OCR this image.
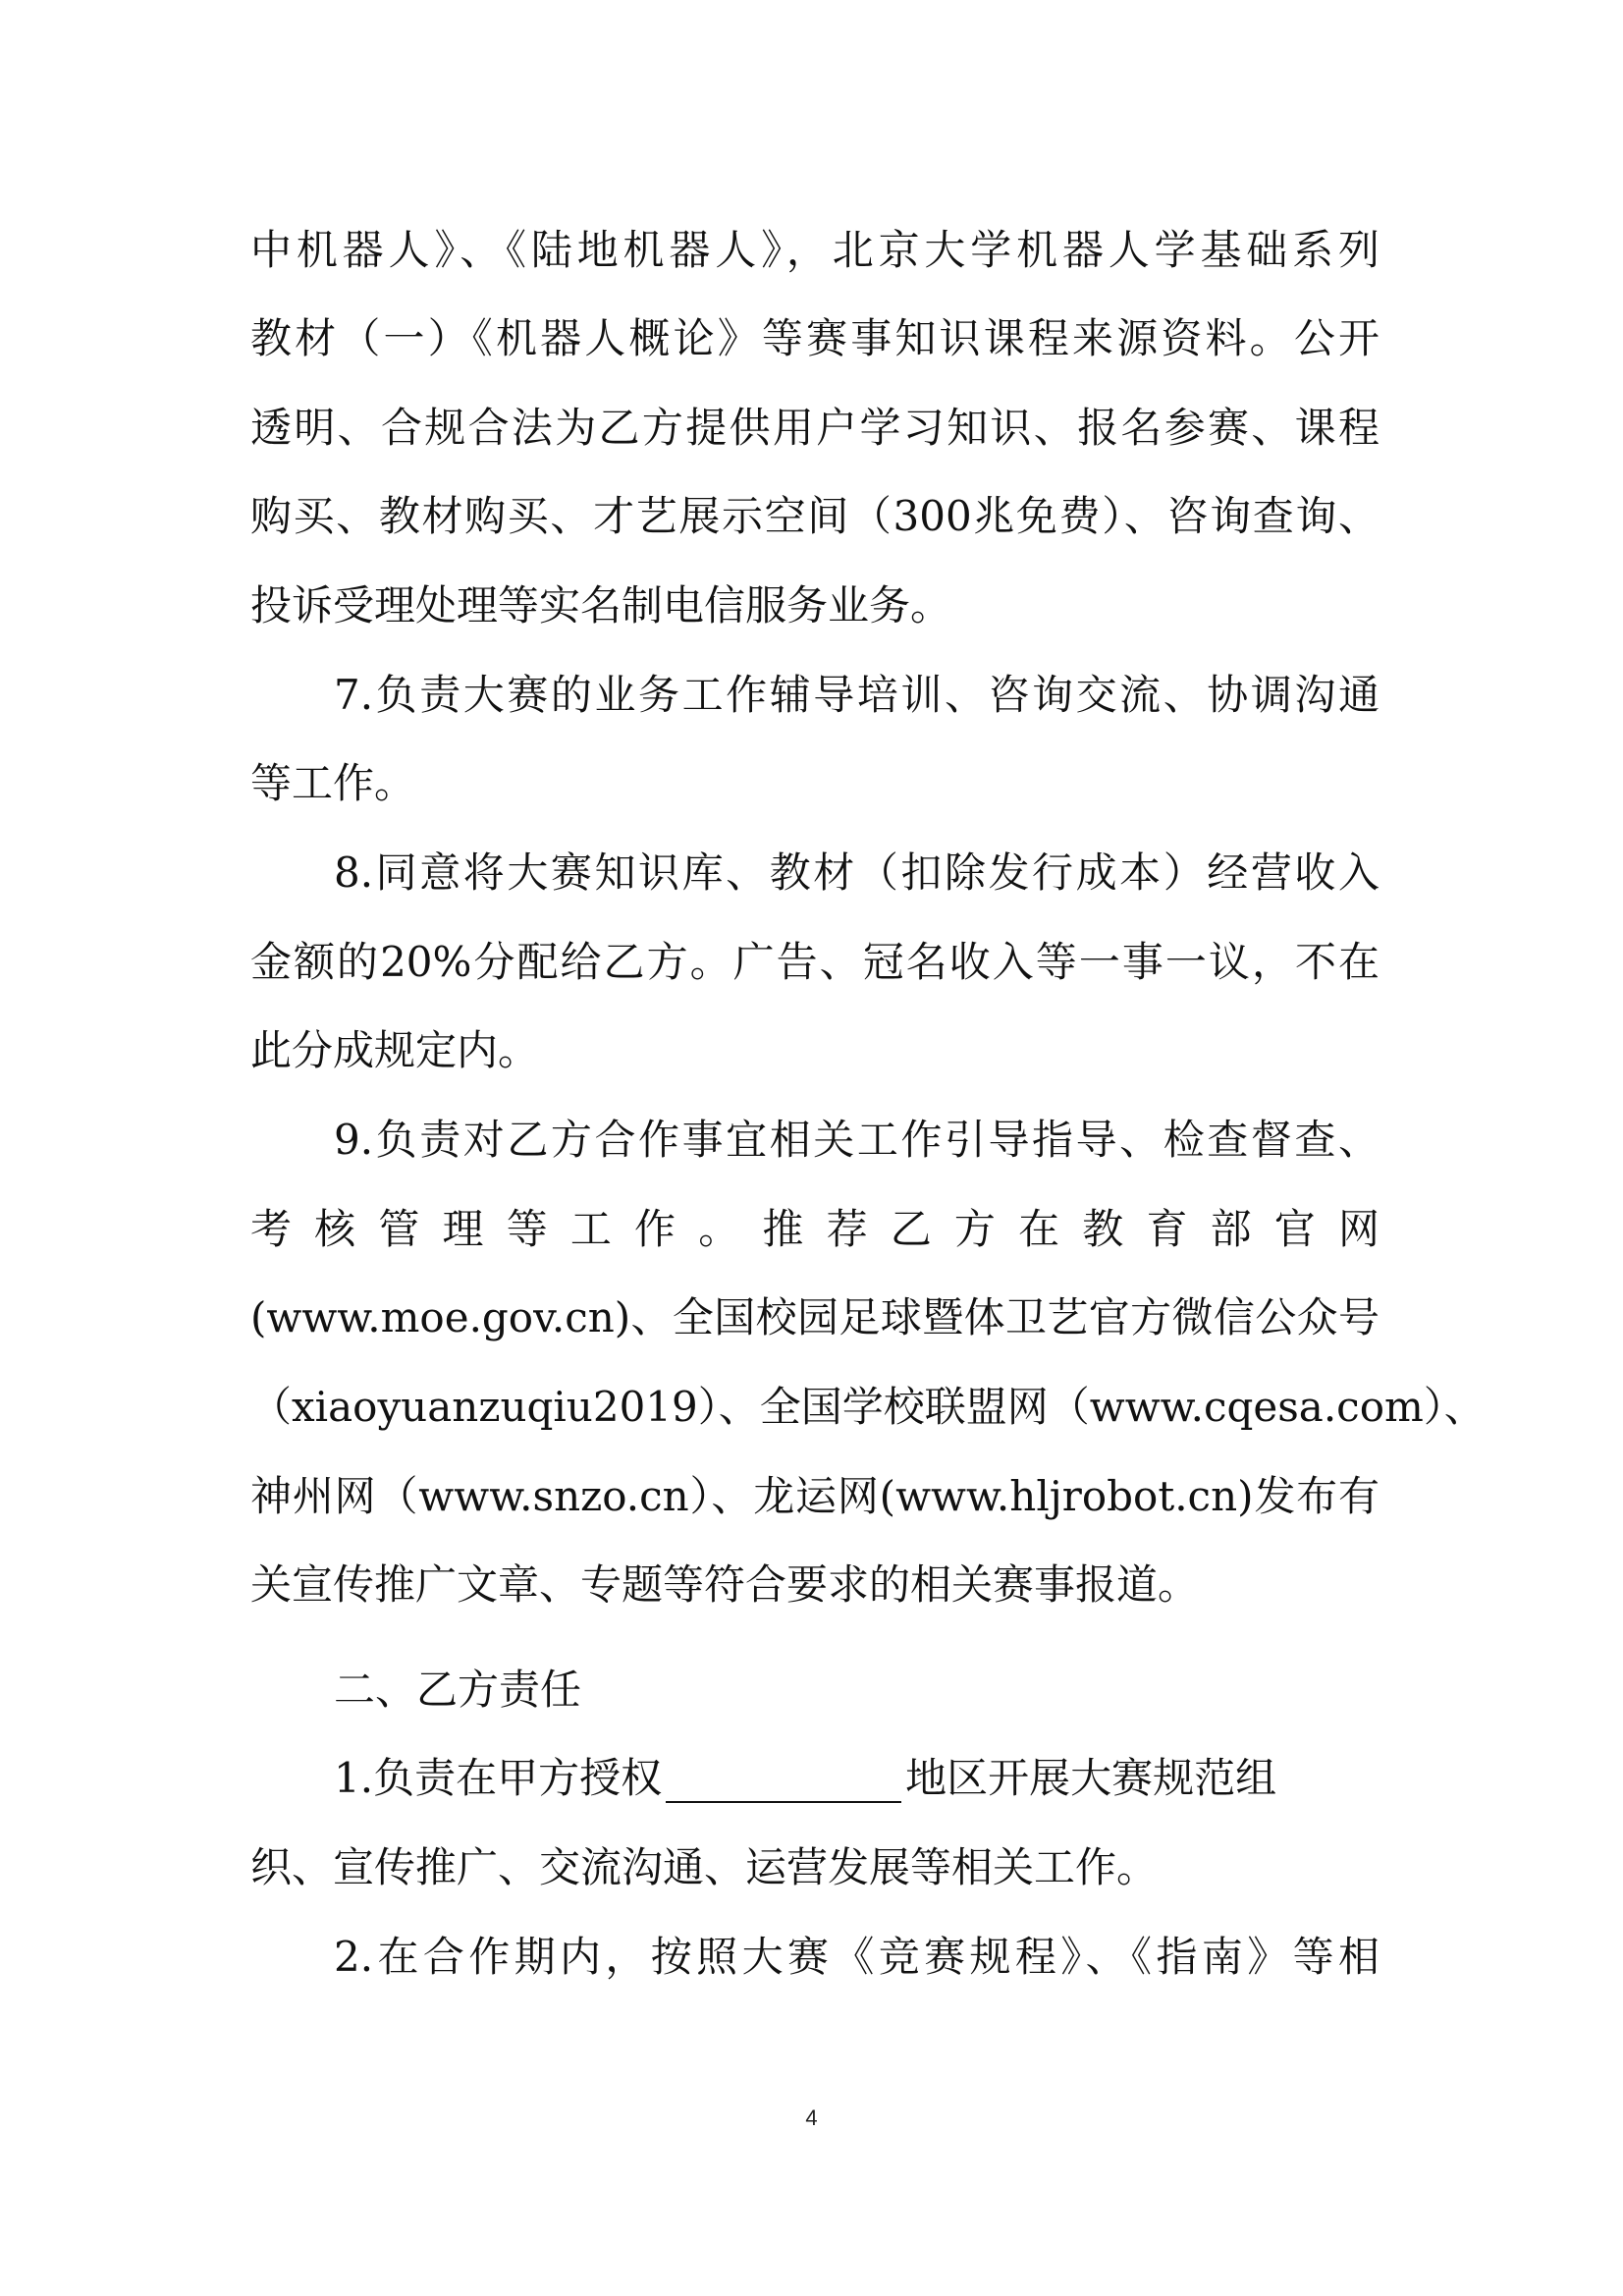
中机器人》、《陆地机器人》，北京大学机器人学基础系列
教材（一）《机器人概论》等赛事知识课程来源资料。公开
透明、合规合法为乙方提供用户学习知识、报名参赛、课程
购买、教材购买、才艺展示空间（300兆免费）、咨询查询、
投诉受理处理等实名制电信服务业务。
7.负责大赛的业务工作辅导培训、咨询交流、协调沟通
等工作。
8.同意将大赛知识库、教材（扣除发行成本）经营收入
金额的20%分配给乙方。广告、冠名收入等一事一议，不在
此分成规定内。
9.负责对乙方合作事宜相关工作引导指导、检查督查、
考核管理等工作。推荐乙方在教育部官网
(www.moe.gov.cn)、全国校园足球暨体卫艺官方微信公众号
（xiaoyuanzuqiu2019）、全国学校联盟网（www.cqesa.com）、
神州网（www.snzo.cn）、龙运网(www.hljrobot.cn)发布有
关宣传推广文章、专题等符合要求的相关赛事报道。
二、乙方责任
1.负责在甲方授权	地区开展大赛规范组
织、宣传推广、交流沟通、运营发展等相关工作。
2.在合作期内，按照大赛《竞赛规程》、《指南》等相
4
